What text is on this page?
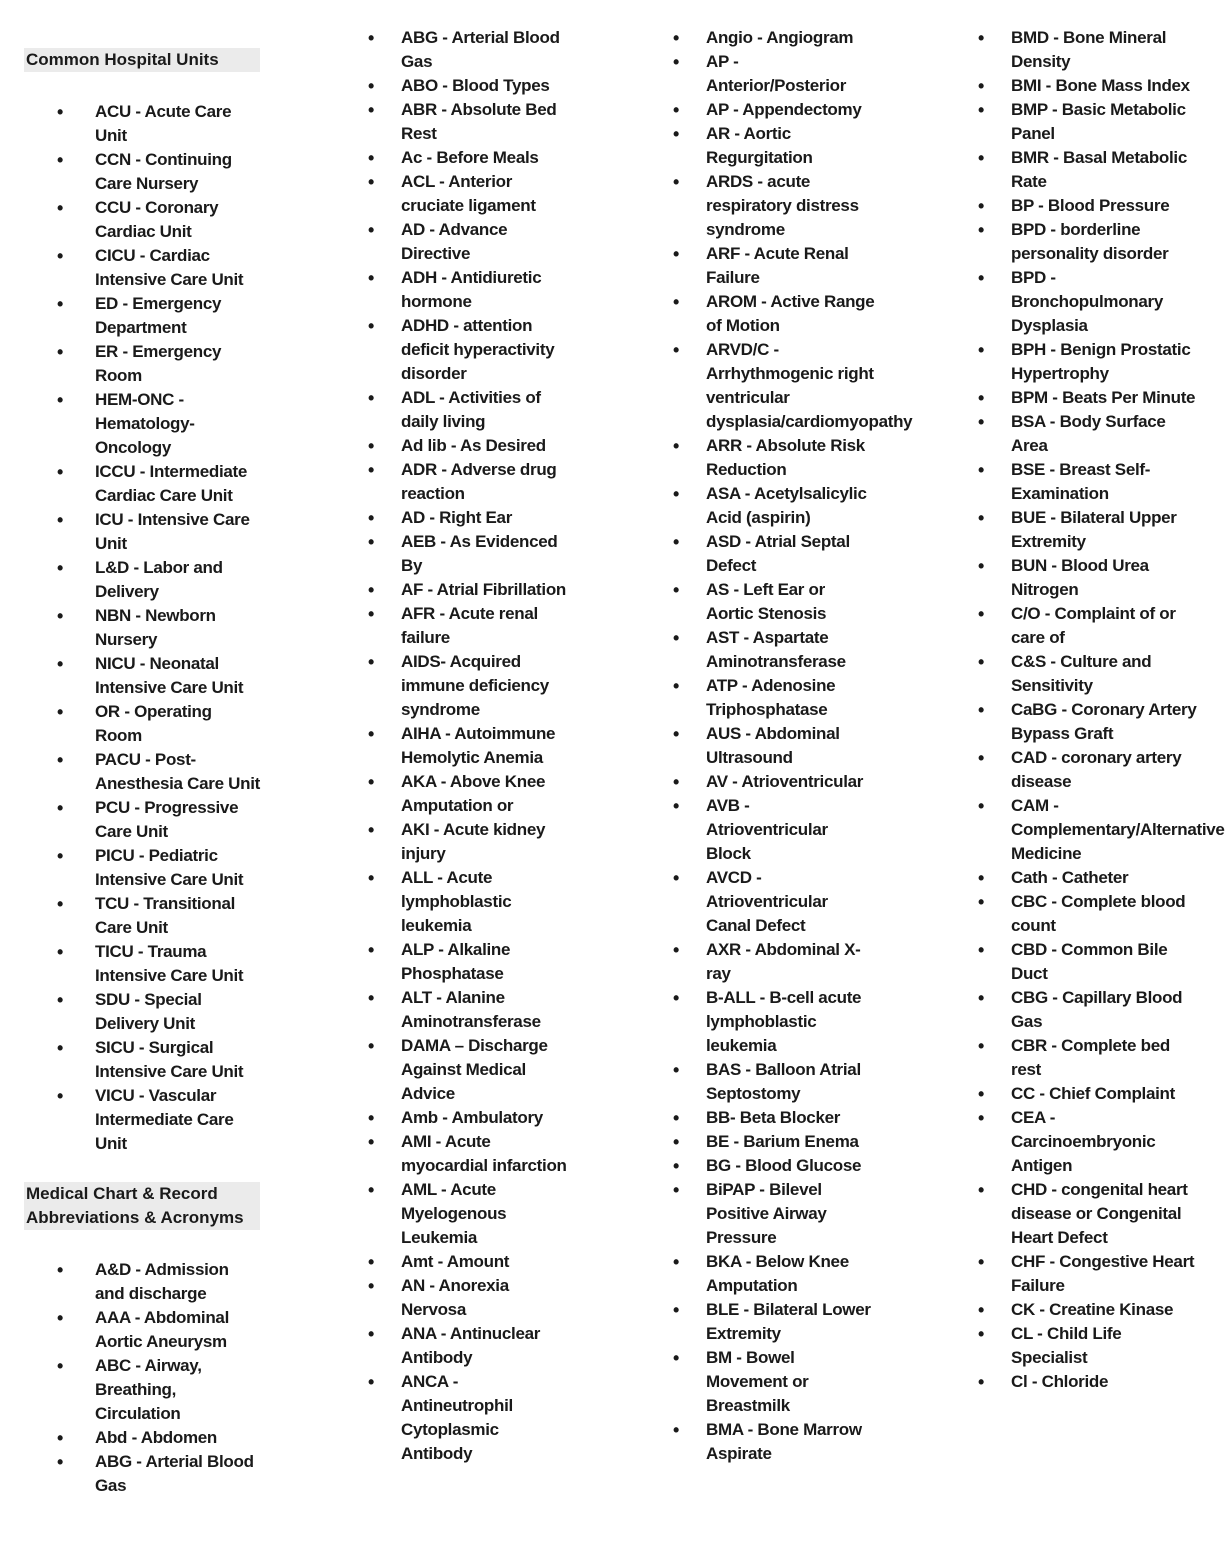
Common Hospital Units
• ACU - Acute Care Unit
• CCN - Continuing Care Nursery
• CCU - Coronary Cardiac Unit
• CICU - Cardiac Intensive Care Unit
• ED - Emergency Department
• ER - Emergency Room
• HEM-ONC - Hematology-Oncology
• ICCU - Intermediate Cardiac Care Unit
• ICU - Intensive Care Unit
• L&D - Labor and Delivery
• NBN - Newborn Nursery
• NICU - Neonatal Intensive Care Unit
• OR - Operating Room
• PACU - Post-Anesthesia Care Unit
• PCU - Progressive Care Unit
• PICU - Pediatric Intensive Care Unit
• TCU - Transitional Care Unit
• TICU - Trauma Intensive Care Unit
• SDU - Special Delivery Unit
• SICU - Surgical Intensive Care Unit
• VICU - Vascular Intermediate Care Unit
Medical Chart & Record Abbreviations & Acronyms
• A&D - Admission and discharge
• AAA - Abdominal Aortic Aneurysm
• ABC - Airway, Breathing, Circulation
• Abd - Abdomen
• ABG - Arterial Blood Gas
• ABG - Arterial Blood Gas
• ABO - Blood Types
• ABR - Absolute Bed Rest
• Ac - Before Meals
• ACL - Anterior cruciate ligament
• AD - Advance Directive
• ADH - Antidiuretic hormone
• ADHD - attention deficit hyperactivity disorder
• ADL - Activities of daily living
• Ad lib - As Desired
• ADR - Adverse drug reaction
• AD - Right Ear
• AEB - As Evidenced By
• AF - Atrial Fibrillation
• AFR - Acute renal failure
• AIDS- Acquired immune deficiency syndrome
• AIHA - Autoimmune Hemolytic Anemia
• AKA - Above Knee Amputation or
• AKI - Acute kidney injury
• ALL - Acute lymphoblastic leukemia
• ALP - Alkaline Phosphatase
• ALT - Alanine Aminotransferase
• DAMA – Discharge Against Medical Advice
• Amb - Ambulatory
• AMI - Acute myocardial infarction
• AML - Acute Myelogenous Leukemia
• Amt - Amount
• AN - Anorexia Nervosa
• ANA - Antinuclear Antibody
• ANCA - Antineutrophil Cytoplasmic Antibody
• Angio - Angiogram
• AP - Anterior/Posterior
• AP - Appendectomy
• AR - Aortic Regurgitation
• ARDS - acute respiratory distress syndrome
• ARF - Acute Renal Failure
• AROM - Active Range of Motion
• ARVD/C - Arrhythmogenic right ventricular dysplasia/cardiomyopathy
• ARR - Absolute Risk Reduction
• ASA - Acetylsalicylic Acid (aspirin)
• ASD - Atrial Septal Defect
• AS - Left Ear or Aortic Stenosis
• AST - Aspartate Aminotransferase
• ATP - Adenosine Triphosphatase
• AUS - Abdominal Ultrasound
• AV - Atrioventricular
• AVB - Atrioventricular Block
• AVCD - Atrioventricular Canal Defect
• AXR - Abdominal X-ray
• B-ALL - B-cell acute lymphoblastic leukemia
• BAS - Balloon Atrial Septostomy
• BB- Beta Blocker
• BE - Barium Enema
• BG - Blood Glucose
• BiPAP - Bilevel Positive Airway Pressure
• BKA - Below Knee Amputation
• BLE - Bilateral Lower Extremity
• BM - Bowel Movement or Breastmilk
• BMA - Bone Marrow Aspirate
• BMD - Bone Mineral Density
• BMI - Bone Mass Index
• BMP - Basic Metabolic Panel
• BMR - Basal Metabolic Rate
• BP - Blood Pressure
• BPD - borderline personality disorder
• BPD - Bronchopulmonary Dysplasia
• BPH - Benign Prostatic Hypertrophy
• BPM - Beats Per Minute
• BSA - Body Surface Area
• BSE - Breast Self-Examination
• BUE - Bilateral Upper Extremity
• BUN - Blood Urea Nitrogen
• C/O - Complaint of or care of
• C&S - Culture and Sensitivity
• CaBG - Coronary Artery Bypass Graft
• CAD - coronary artery disease
• CAM - Complementary/Alternative Medicine
• Cath - Catheter
• CBC - Complete blood count
• CBD - Common Bile Duct
• CBG - Capillary Blood Gas
• CBR - Complete bed rest
• CC - Chief Complaint
• CEA - Carcinoembryonic Antigen
• CHD - congenital heart disease or Congenital Heart Defect
• CHF - Congestive Heart Failure
• CK - Creatine Kinase
• CL - Child Life Specialist
• Cl - Chloride
